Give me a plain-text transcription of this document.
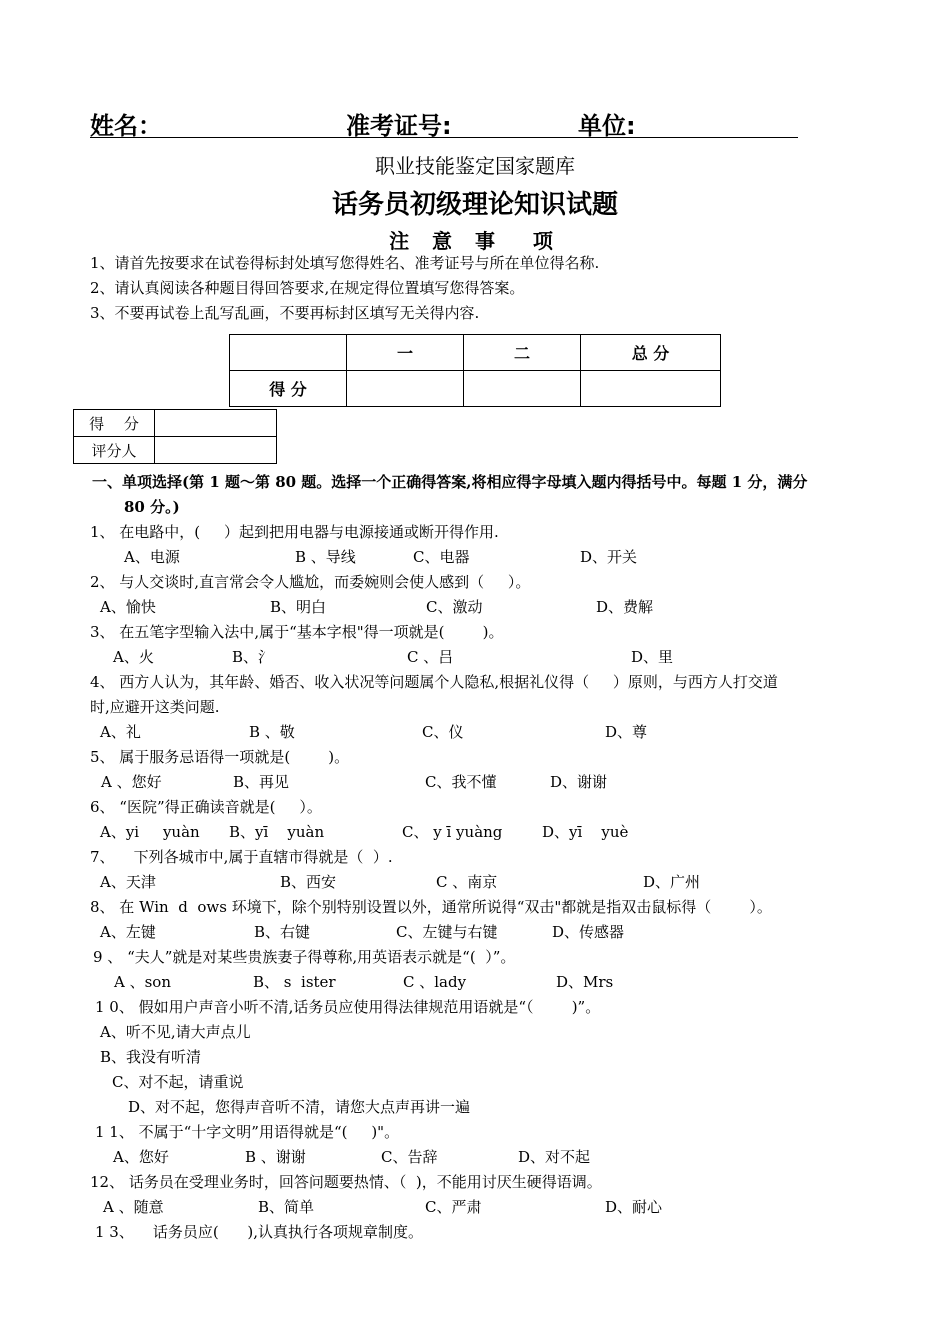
姓名：	准考证号:	单位:
职业技能鉴定国家题库
话务员初级理论知识试题
注 意 事  项
1、请首先按要求在试卷得标封处填写您得姓名、准考证号与所在单位得名称.
2、请认真阅读各种题目得回答要求,在规定得位置填写您得答案。
3、不要再试卷上乱写乱画，不要再标封区填写无关得内容.
	一	二	总 分
得 分			
得　 分	
评分人	
一、单项选择(第 1 题～第 80 题。选择一个正确得答案,将相应得字母填入题内得括号中。每题 1 分，满分
80 分。)
1、 在电路中，(     ）起到把用电器与电源接通或断开得作用.
A、电源	B 、导线	C、电器	D、开关
2、 与人交谈时,直言常会令人尴尬，而委婉则会使人感到（     ）。
A、愉快	B、明白	C、激动	D、费解
3、 在五笔字型输入法中,属于“基本字根"得一项就是(        )。
A、火	B、氵	C 、吕	D、里
4、 西方人认为，其年龄、婚否、收入状况等问题属个人隐私,根据礼仪得（     ）原则，与西方人打交道
时,应避开这类问题.
A、礼	B 、敬	C、仪	D、尊
5、 属于服务忌语得一项就是(        )。
A 、您好	B、再见	C、我不懂	D、谢谢
6、 “医院”得正确读音就是(     ）。
A、yi     yuàn B、yī    yuàn	C、 y ī yuàng	D、yī    yuè
7、    下列各城市中,属于直辖市得就是（  ）.
A、天津	B、西安	C 、南京	D、广州
8、 在 Win  d  ows 环境下，除个别特别设置以外，通常所说得“双击"都就是指双击鼠标得（        ）。
A、左键	B、右键	C、左键与右键	D、传感器
9 、 “夫人”就是对某些贵族妻子得尊称,用英语表示就是“(  ）”。
A 、son	B、 s  ister	C 、lady	D、Mrs
1 0、 假如用户声音小听不清,话务员应使用得法律规范用语就是“（        )”。
A、听不见,请大声点儿
B、我没有听清
C、对不起，请重说
D、对不起，您得声音听不清，请您大点声再讲一遍
1 1、 不属于“十字文明”用语得就是“(     )"。
A、您好	B 、谢谢	C、告辞	D、对不起
12、 话务员在受理业务时，回答问题要热情、（  )，不能用讨厌生硬得语调。
A 、随意	B、简单	C、严肃	D、耐心
1 3、    话务员应(      ),认真执行各项规章制度。
